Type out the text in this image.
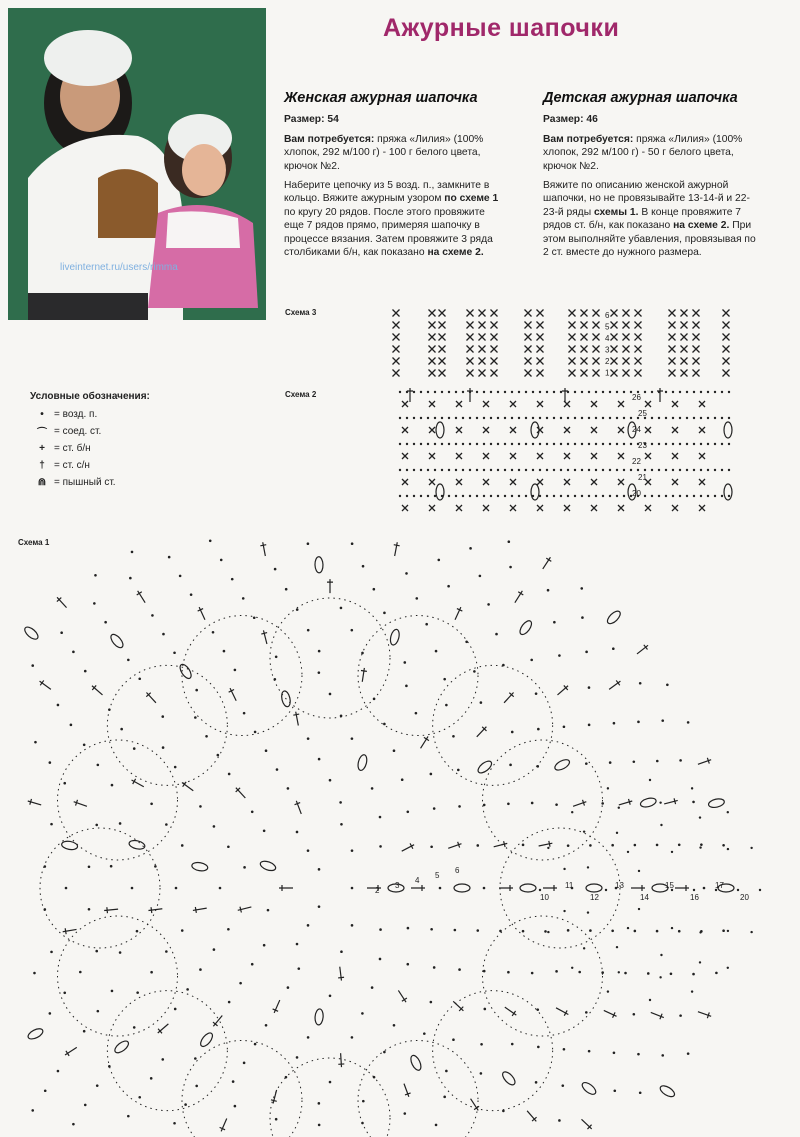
Ажурные шапочки
liveinternet.ru/users/rimma
Женская ажурная шапочка

Размер: 54

Вам потребуется: пряжа «Лилия» (100% хлопок, 292 м/100 г) - 100 г белого цвета, крючок №2.

Наберите цепочку из 5 возд. п., замкните в кольцо. Вяжите ажурным узором по схеме 1 по кругу 20 рядов. После этого провяжите еще 7 рядов прямо, примеряя шапочку в процессе вязания. Затем провяжите 3 ряда столбиками б/н, как показано на схеме 2.

Детская ажурная шапочка

Размер: 46

Вам потребуется: пряжа «Лилия» (100% хлопок, 292 м/100 г) - 50 г белого цвета, крючок №2.

Вяжите по описанию женской ажурной шапочки, но не провязывайте 13-14-й и 22-23-й ряды схемы 1. В конце провяжите 7 рядов ст. б/н, как показано на схеме 2. При этом выполняйте убавления, провязывая по 2 ст. вместе до нужного размера.

Схема 3
Схема 2
Схема 1
Условные обозначения:
•	= возд. п.
⌒ = соед. ст.
+ = ст. б/н
† = ст. с/н
⋒ = пышный ст.
6
5
4
3
2
1
26
25
24
23
22
21
20
2
3
4
5
6
10
11
12
13
14
15
16
17
20
